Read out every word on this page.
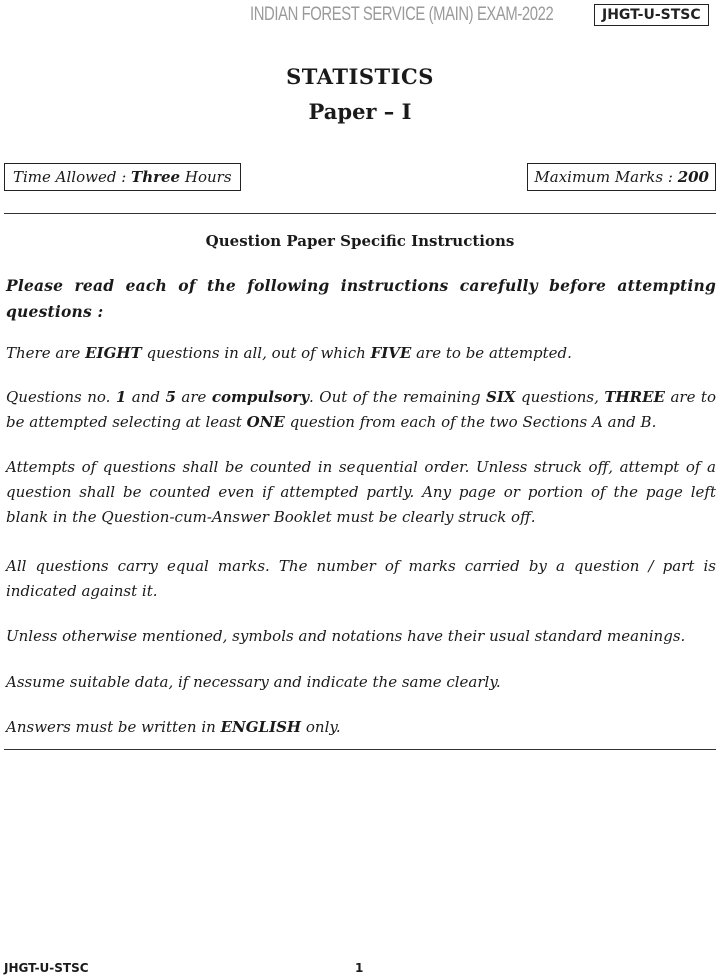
INDIAN FOREST SERVICE (MAIN) EXAM-2022	JHGT-U-STSC
STATISTICS
Paper – I
Time Allowed : Three Hours	Maximum Marks : 200
Question Paper Specific Instructions
Please read each of the following instructions carefully before attempting questions :
There are EIGHT questions in all, out of which FIVE are to be attempted.
Questions no. 1 and 5 are compulsory. Out of the remaining SIX questions, THREE are to be attempted selecting at least ONE question from each of the two Sections A and B.
Attempts of questions shall be counted in sequential order. Unless struck off, attempt of a question shall be counted even if attempted partly. Any page or portion of the page left blank in the Question-cum-Answer Booklet must be clearly struck off.
All questions carry equal marks. The number of marks carried by a question / part is indicated against it.
Unless otherwise mentioned, symbols and notations have their usual standard meanings.
Assume suitable data, if necessary and indicate the same clearly.
Answers must be written in ENGLISH only.
JHGT-U-STSC	1
